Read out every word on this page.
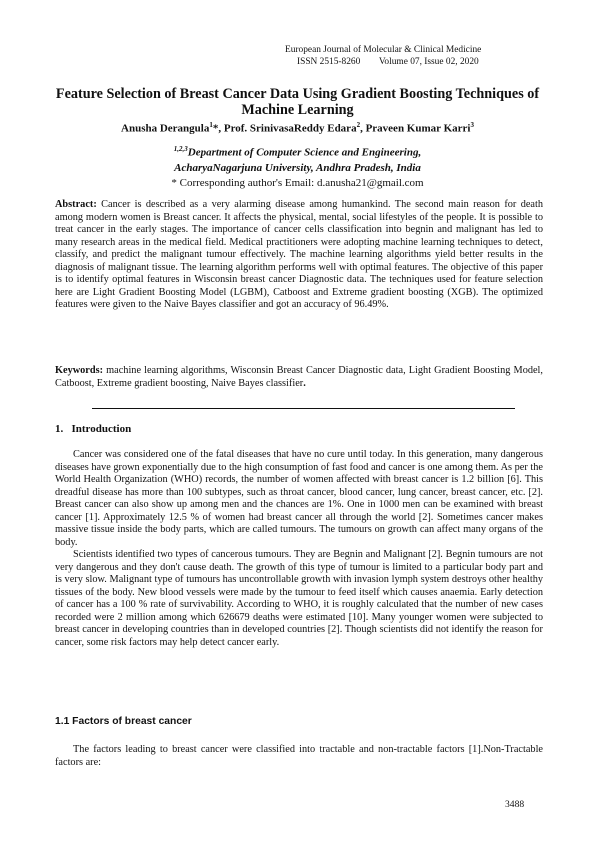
European Journal of Molecular & Clinical Medicine
ISSN 2515-8260        Volume 07, Issue 02, 2020
Feature Selection of Breast Cancer Data Using Gradient Boosting Techniques of Machine Learning
Anusha Derangula$^1$*, Prof. SrinivasaReddy Edara$^2$, Praveen Kumar Karri$^3$
$^{1,2,3}$Department of Computer Science and Engineering,
AcharyaNagarjuna University, Andhra Pradesh, India
* Corresponding author's Email: d.anusha21@gmail.com
Abstract: Cancer is described as a very alarming disease among humankind. The second main reason for death among modern women is Breast cancer. It affects the physical, mental, social lifestyles of the people. It is possible to treat cancer in the early stages. The importance of cancer cells classification into begnin and malignant has led to many research areas in the medical field. Medical practitioners were adopting machine learning techniques to detect, classify, and predict the malignant tumour effectively. The machine learning algorithms yield better results in the diagnosis of malignant tissue. The learning algorithm performs well with optimal features. The objective of this paper is to identify optimal features in Wisconsin breast cancer Diagnostic data. The techniques used for feature selection here are Light Gradient Boosting Model (LGBM), Catboost and Extreme gradient boosting (XGB). The optimized features were given to the Naive Bayes classifier and got an accuracy of 96.49%.
Keywords: machine learning algorithms, Wisconsin Breast Cancer Diagnostic data, Light Gradient Boosting Model, Catboost, Extreme gradient boosting, Naive Bayes classifier.
1.   Introduction

Cancer was considered one of the fatal diseases that have no cure until today. In this generation, many dangerous diseases have grown exponentially due to the high consumption of fast food and cancer is one among them. As per the World Health Organization (WHO) records, the number of women affected with breast cancer is 1.2 billion [6]. This dreadful disease has more than 100 subtypes, such as throat cancer, blood cancer, lung cancer, breast cancer, etc. [2]. Breast cancer can also show up among men and the chances are 1%. One in 1000 men can be examined with breast cancer [1]. Approximately 12.5 % of women had breast cancer all through the world [2]. Sometimes cancer makes massive tissue inside the body parts, which are called tumours. The tumours on growth can affect many organs of the body.

Scientists identified two types of cancerous tumours. They are Begnin and Malignant [2]. Begnin tumours are not very dangerous and they don't cause death. The growth of this type of tumour is limited to a particular body part and is very slow. Malignant type of tumours has uncontrollable growth with invasion lymph system destroys other healthy tissues of the body. New blood vessels were made by the tumour to feed itself which causes anaemia. Early detection of cancer has a 100 % rate of survivability. According to WHO, it is roughly calculated that the number of new cases recorded were 2 million among which 626679 deaths were estimated [10]. Many younger women were subjected to breast cancer in developing countries than in developed countries [2]. Though scientists did not identify the reason for cancer, some risk factors may help detect cancer early.

1.1 Factors of breast cancer

The factors leading to breast cancer were classified into tractable and non-tractable factors [1].Non-Tractable factors are:

3488
